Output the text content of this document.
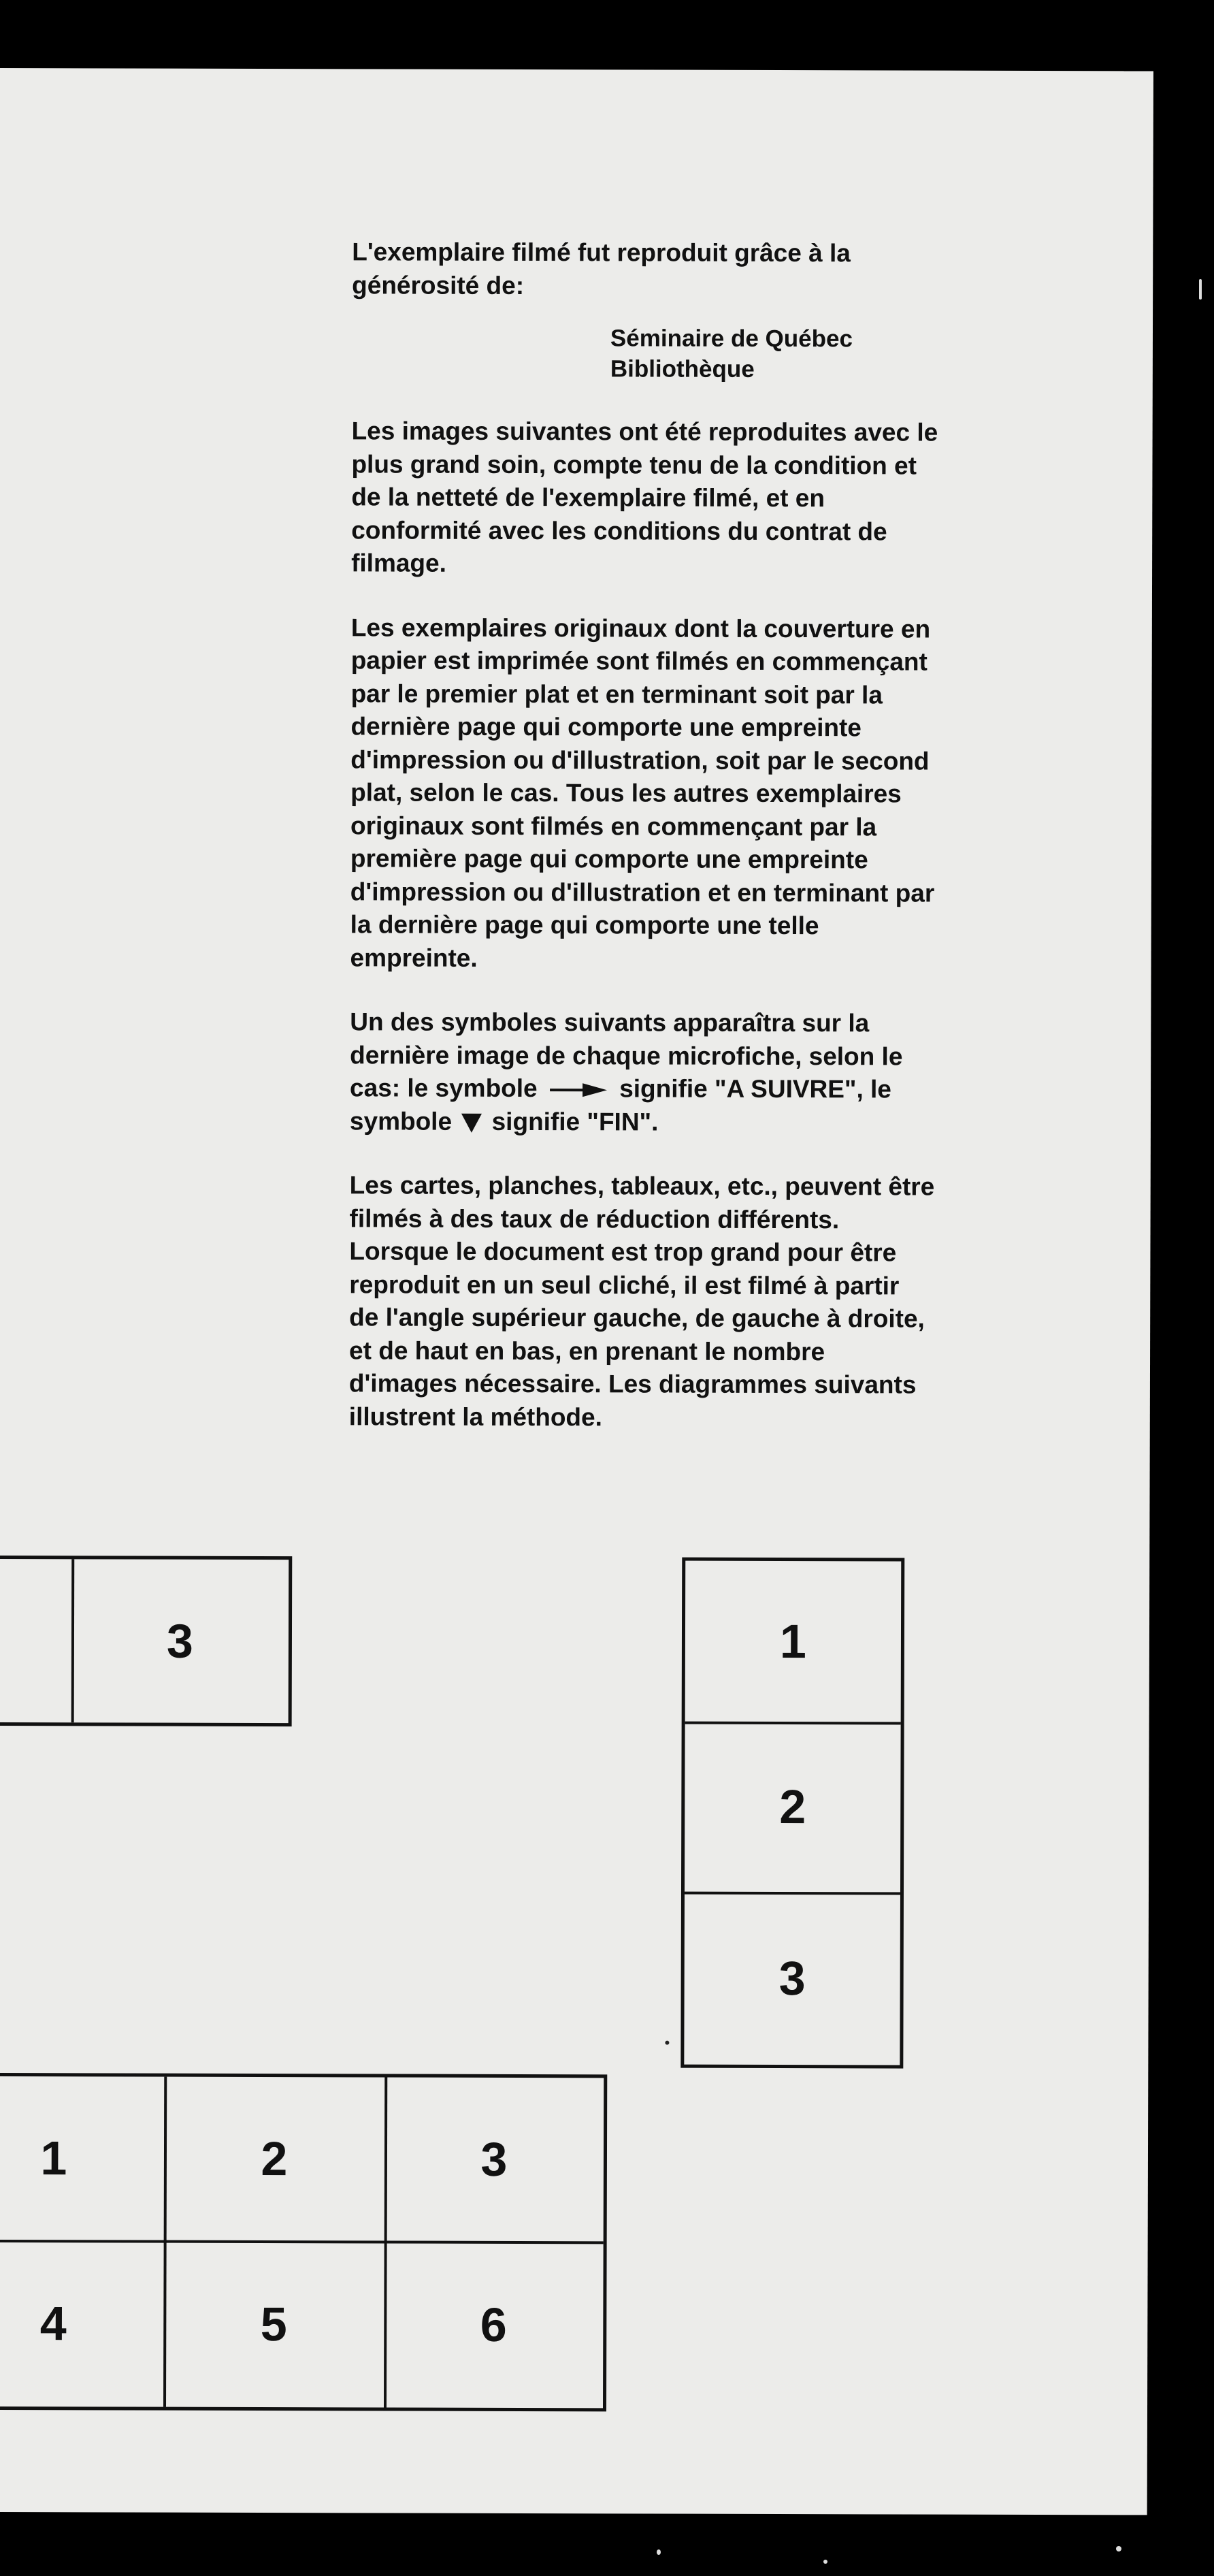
L'exemplaire filmé fut reproduit grâce à la
générosité de:

Séminaire de Québec
Bibliothèque

Les images suivantes ont été reproduites avec le
plus grand soin, compte tenu de la condition et
de la netteté de l'exemplaire filmé, et en
conformité avec les conditions du contrat de
filmage.

Les exemplaires originaux dont la couverture en
papier est imprimée sont filmés en commençant
par le premier plat et en terminant soit par la
dernière page qui comporte une empreinte
d'impression ou d'illustration, soit par le second
plat, selon le cas. Tous les autres exemplaires
originaux sont filmés en commençant par la
première page qui comporte une empreinte
d'impression ou d'illustration et en terminant par
la dernière page qui comporte une telle
empreinte.

Un des symboles suivants apparaîtra sur la
dernière image de chaque microfiche, selon le
cas: le symbole	signifie "A SUIVRE", le
symbole signifie "FIN".

Les cartes, planches, tableaux, etc., peuvent être
filmés à des taux de réduction différents.
Lorsque le document est trop grand pour être
reproduit en un seul cliché, il est filmé à partir
de l'angle supérieur gauche, de gauche à droite,
et de haut en bas, en prenant le nombre
d'images nécessaire. Les diagrammes suivants
illustrent la méthode.

3	1
2
3
1	2	3
4	5	6
